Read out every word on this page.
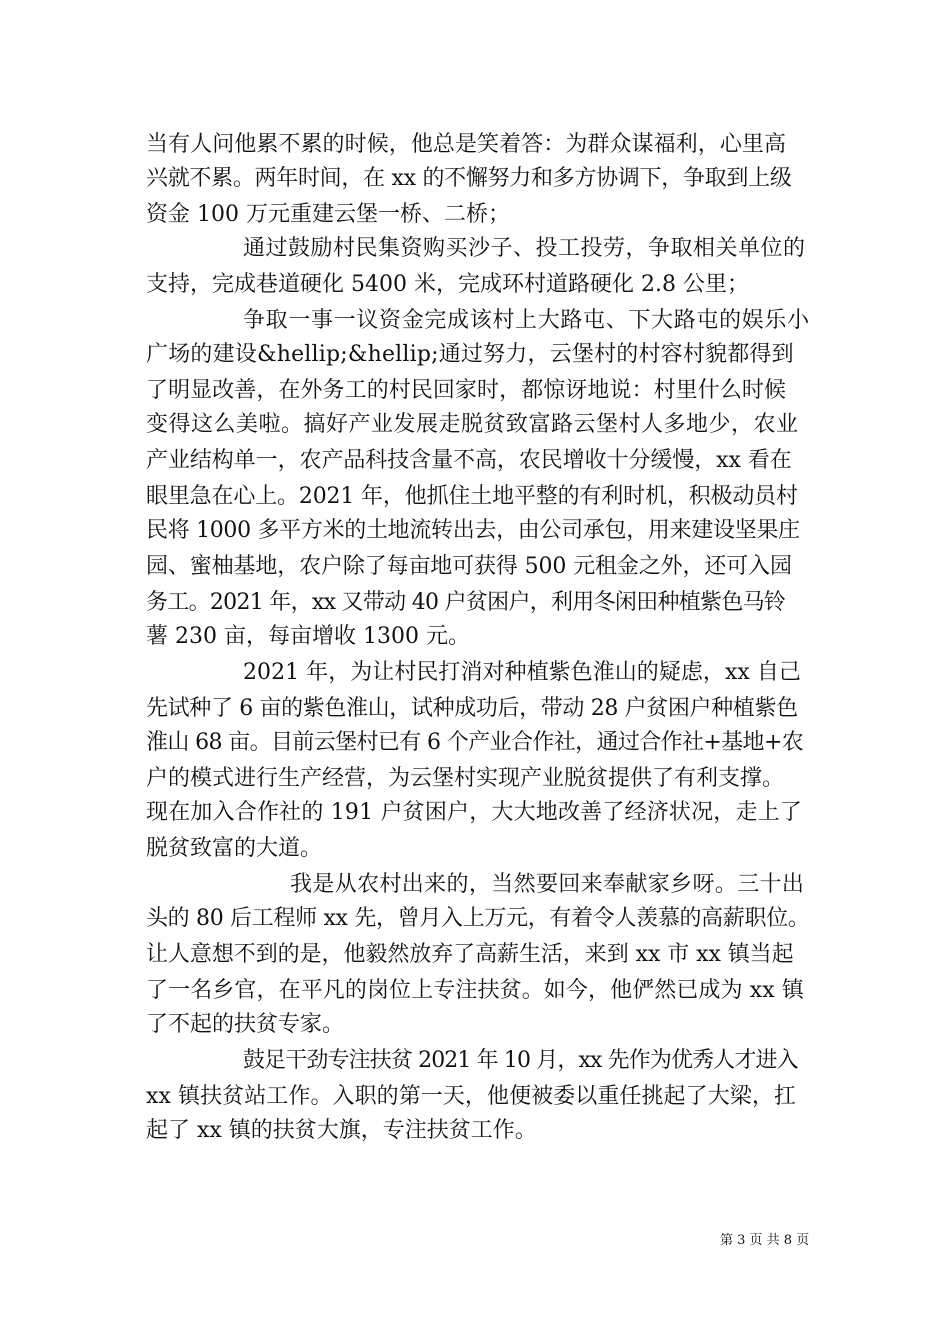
当有人问他累不累的时候，他总是笑着答：为群众谋福利，心里高
兴就不累。两年时间，在 xx 的不懈努力和多方协调下，争取到上级
资金 100 万元重建云堡一桥、二桥；
通过鼓励村民集资购买沙子、投工投劳，争取相关单位的
支持，完成巷道硬化 5400 米，完成环村道路硬化 2.8 公里；
争取一事一议资金完成该村上大路屯、下大路屯的娱乐小
广场的建设&hellip;&hellip;通过努力，云堡村的村容村貌都得到
了明显改善，在外务工的村民回家时，都惊讶地说：村里什么时候
变得这么美啦。搞好产业发展走脱贫致富路云堡村人多地少，农业
产业结构单一，农产品科技含量不高，农民增收十分缓慢，xx 看在
眼里急在心上。2021 年，他抓住土地平整的有利时机，积极动员村
民将 1000 多平方米的土地流转出去，由公司承包，用来建设坚果庄
园、蜜柚基地，农户除了每亩地可获得 500 元租金之外，还可入园
务工。2021 年，xx 又带动 40 户贫困户，利用冬闲田种植紫色马铃
薯 230 亩，每亩增收 1300 元。
2021 年，为让村民打消对种植紫色淮山的疑虑，xx 自己
先试种了 6 亩的紫色淮山，试种成功后，带动 28 户贫困户种植紫色
淮山 68 亩。目前云堡村已有 6 个产业合作社，通过合作社+基地+农
户的模式进行生产经营，为云堡村实现产业脱贫提供了有利支撑。
现在加入合作社的 191 户贫困户，大大地改善了经济状况，走上了
脱贫致富的大道。
我是从农村出来的，当然要回来奉献家乡呀。三十出
头的 80 后工程师 xx 先，曾月入上万元，有着令人羡慕的高薪职位。
让人意想不到的是，他毅然放弃了高薪生活，来到 xx 市 xx 镇当起
了一名乡官，在平凡的岗位上专注扶贫。如今，他俨然已成为 xx 镇
了不起的扶贫专家。
鼓足干劲专注扶贫 2021 年 10 月，xx 先作为优秀人才进入
xx 镇扶贫站工作。入职的第一天，他便被委以重任挑起了大梁，扛
起了 xx 镇的扶贫大旗，专注扶贫工作。
第 3 页 共 8 页
